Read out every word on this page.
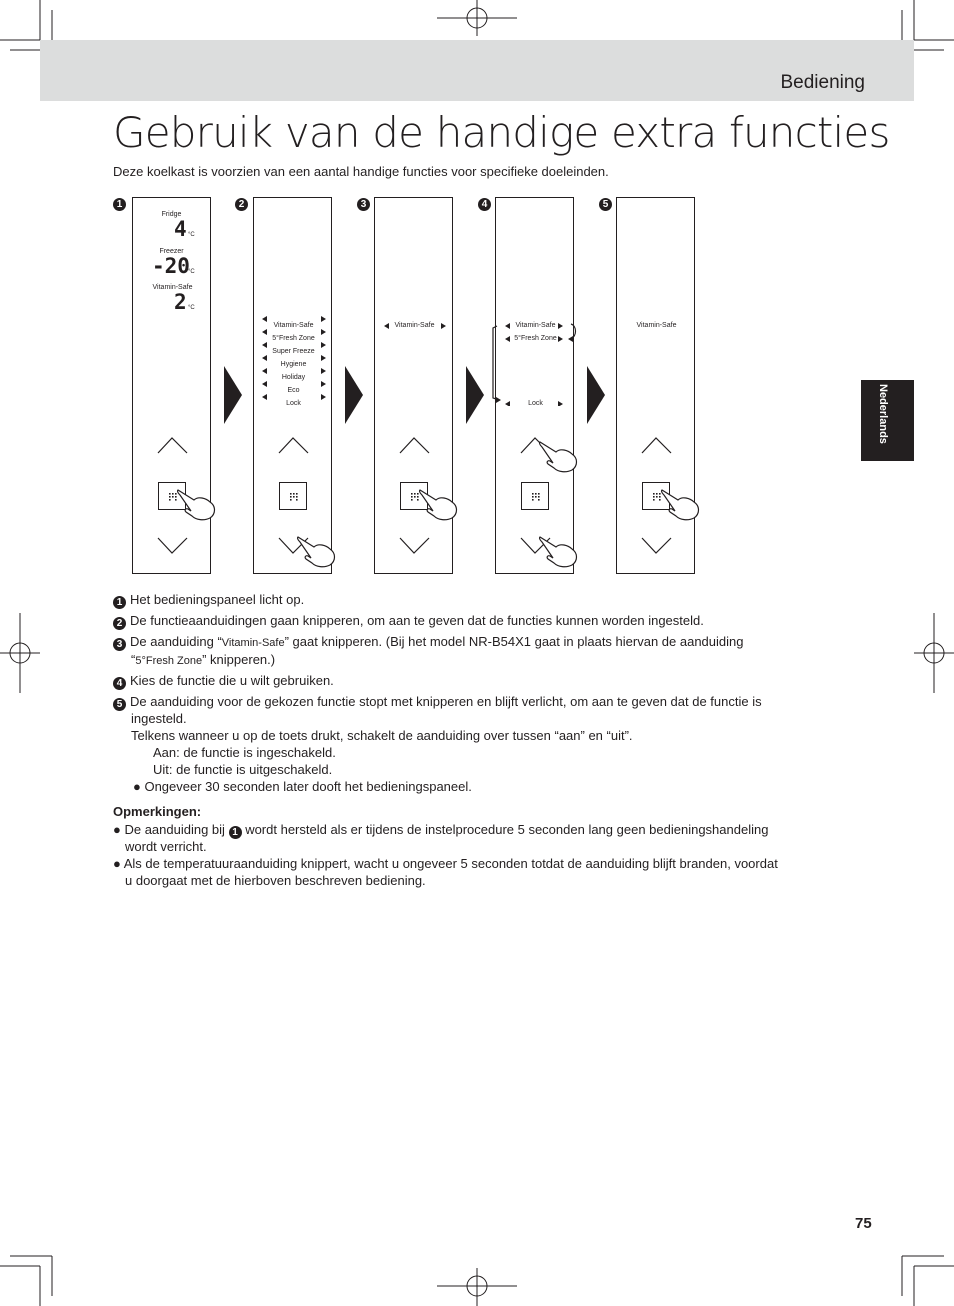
Bediening
Gebruik van de handige extra functies
Deze koelkast is voorzien van een aantal handige functies voor specifieke doeleinden.
Nederlands
1	2	3	4	5
Fridge
4 °C
Freezer
-20
°C
Vitamin-Safe
2 °C
Vitamin-Safe
5°Fresh Zone
Super Freeze
Hygiene
Holiday
Eco
Lock
Vitamin-Safe	Vitamin-Safe
5°Fresh Zone
Lock
Vitamin-Safe
1 Het bedieningspaneel licht op.
2 De functieaanduidingen gaan knipperen, om aan te geven dat de functies kunnen worden ingesteld.
3 De aanduiding “Vitamin-Safe” gaat knipperen. (Bij het model NR-B54X1 gaat in plaats hiervan de aanduiding
“5°Fresh Zone” knipperen.)
4 Kies de functie die u wilt gebruiken.
5 De aanduiding voor de gekozen functie stopt met knipperen en blijft verlicht, om aan te geven dat de functie is
ingesteld.
Telkens wanneer u op de toets drukt, schakelt de aanduiding over tussen “aan” en “uit”.
Aan: de functie is ingeschakeld.
Uit: de functie is uitgeschakeld.
● Ongeveer 30 seconden later dooft het bedieningspaneel.
Opmerkingen:
● De aanduiding bij 1 wordt hersteld als er tijdens de instelprocedure 5 seconden lang geen bedieningshandeling
wordt verricht.
● Als de temperatuuraanduiding knippert, wacht u ongeveer 5 seconden totdat de aanduiding blijft branden, voordat
u doorgaat met de hierboven beschreven bediening.
75
